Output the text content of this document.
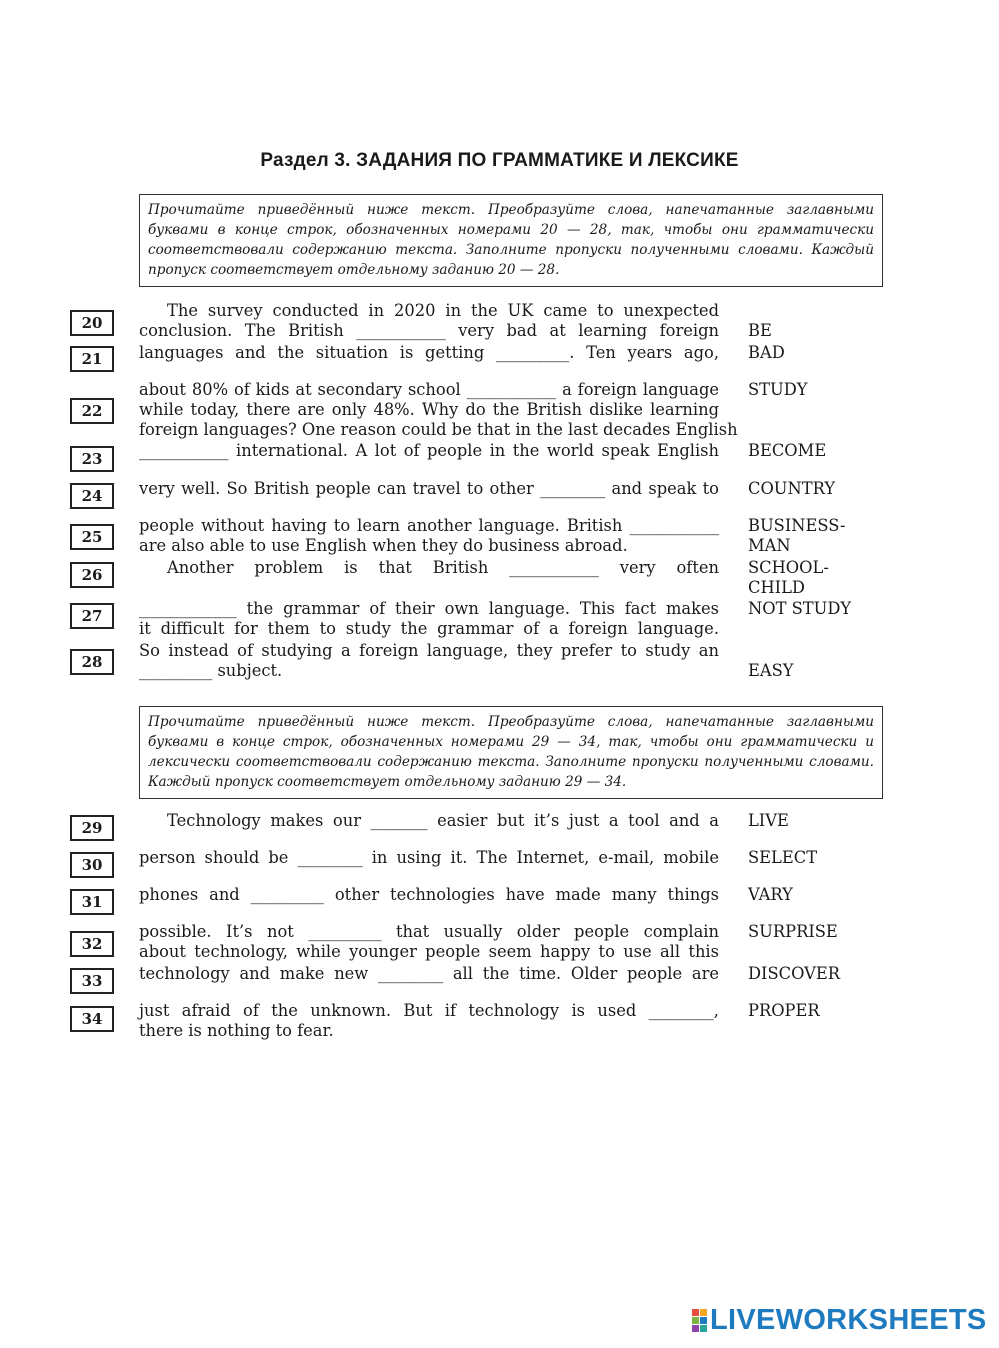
Раздел 3. ЗАДАНИЯ ПО ГРАММАТИКЕ И ЛЕКСИКЕ
Прочитайте приведённый ниже текст. Преобразуйте слова, напечатанные заглавными буквами в конце строк, обозначенных номерами 20 — 28, так, чтобы они грамматически соответствовали содержанию текста. Заполните пропуски полученными словами. Каждый пропуск соответствует отдельному заданию 20 — 28.
20
21
22
23
24
25
26
27
28
The survey conducted in 2020 in the UK came to unexpected
conclusion. The British ___________ very bad at learning foreign
languages and the situation is getting _________. Ten years ago,
about 80% of kids at secondary school ___________ a foreign language
while today, there are only 48%. Why do the British dislike learning
foreign languages? One reason could be that in the last decades English
___________ international. A lot of people in the world speak English
very well. So British people can travel to other ________ and speak to
people without having to learn another language. British ___________
are also able to use English when they do business abroad.
Another problem is that British ___________ very often
____________ the grammar of their own language. This fact makes
it difficult for them to study the grammar of a foreign language.
So instead of studying a foreign language, they prefer to study an
_________ subject.
BE
BAD
STUDY
BECOME
COUNTRY
BUSINESS-
MAN
SCHOOL-
CHILD
NOT STUDY
EASY
Прочитайте приведённый ниже текст. Преобразуйте слова, напечатанные заглавными буквами в конце строк, обозначенных номерами 29 — 34, так, чтобы они грамматически и лексически соответствовали содержанию текста. Заполните пропуски полученными словами. Каждый пропуск соответствует отдельному заданию 29 — 34.
29
30
31
32
33
34
Technology makes our _______ easier but it’s just a tool and a
person should be ________ in using it. The Internet, e-mail, mobile
phones and _________ other technologies have made many things
possible. It’s not _________ that usually older people complain
about technology, while younger people seem happy to use all this
technology and make new ________ all the time. Older people are
just afraid of the unknown. But if technology is used ________,
there is nothing to fear.
LIVE
SELECT
VARY
SURPRISE
DISCOVER
PROPER
LIVEWORKSHEETS
